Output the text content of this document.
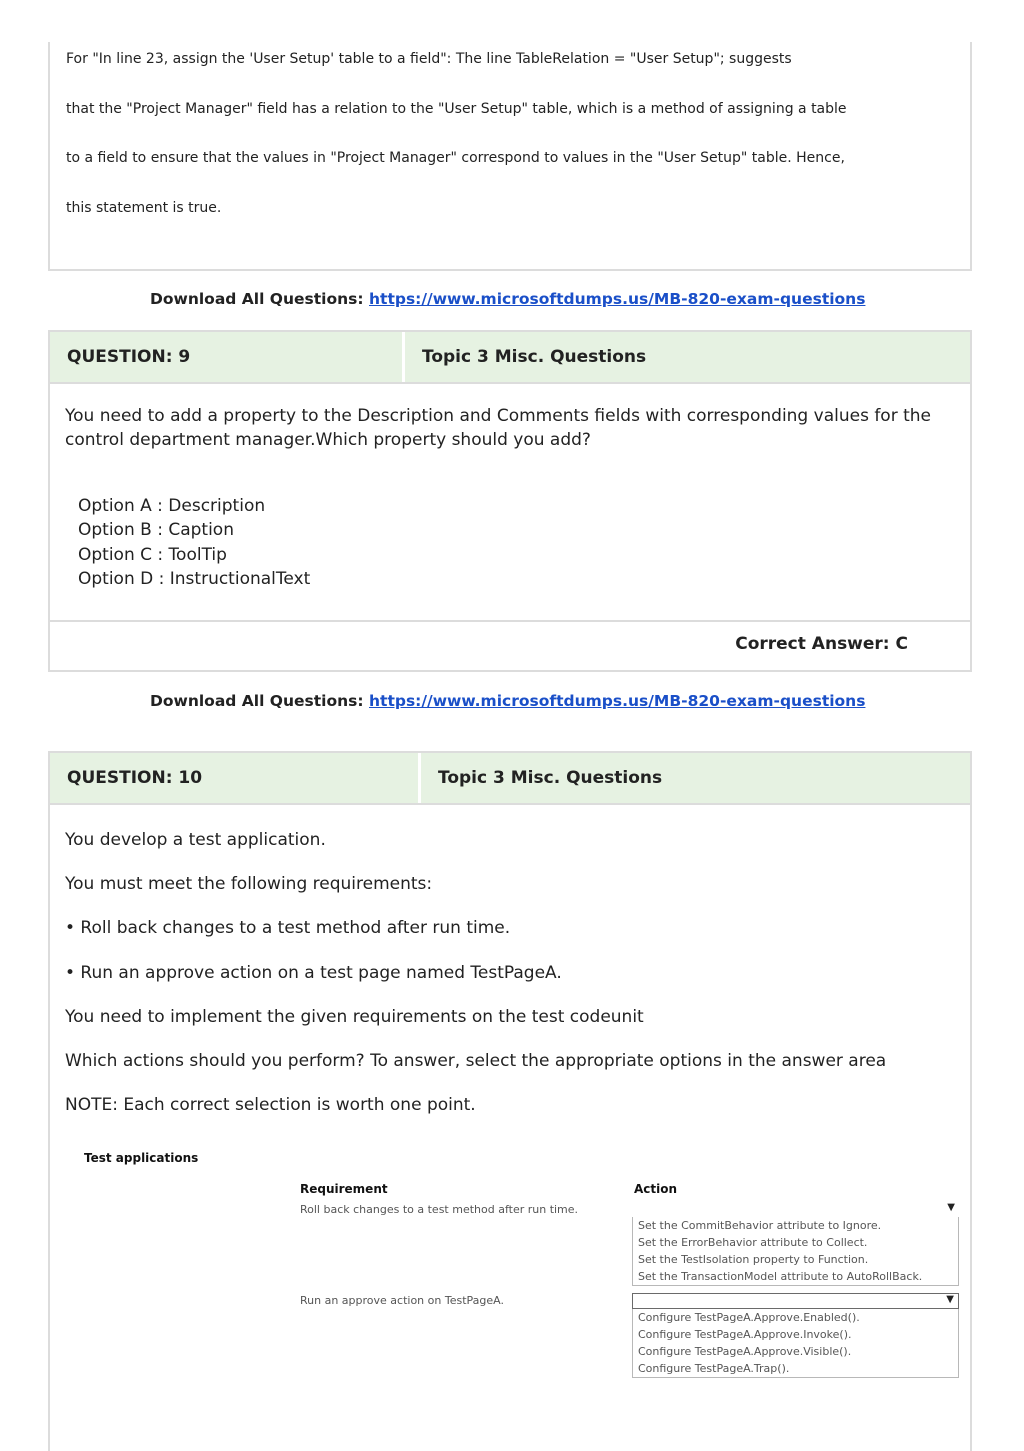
For "In line 23, assign the 'User Setup' table to a field": The line TableRelation = "User Setup"; suggests

that the "Project Manager" field has a relation to the "User Setup" table, which is a method of assigning a table

to a field to ensure that the values in "Project Manager" correspond to values in the "User Setup" table. Hence,

this statement is true.

Download All Questions: https://www.microsoftdumps.us/MB-820-exam-questions
QUESTION: 9	Topic 3 Misc. Questions
You need to add a property to the Description and Comments fields with corresponding values for the control department manager.Which property should you add?
Option A : Description
Option B : Caption
Option C : ToolTip
Option D : InstructionalText
Correct Answer: C
Download All Questions: https://www.microsoftdumps.us/MB-820-exam-questions
QUESTION: 10	Topic 3 Misc. Questions

You develop a test application.

You must meet the following requirements:

• Roll back changes to a test method after run time.

• Run an approve action on a test page named TestPageA.

You need to implement the given requirements on the test codeunit

Which actions should you perform? To answer, select the appropriate options in the answer area

NOTE: Each correct selection is worth one point.

Test applications
Requirement	Action
Roll back changes to a test method after run time.	▼
Set the CommitBehavior attribute to Ignore.
Set the ErrorBehavior attribute to Collect.
Set the TestIsolation property to Function.
Set the TransactionModel attribute to AutoRollBack.
Run an approve action on TestPageA.	▼
Configure TestPageA.Approve.Enabled().
Configure TestPageA.Approve.Invoke().
Configure TestPageA.Approve.Visible().
Configure TestPageA.Trap().
